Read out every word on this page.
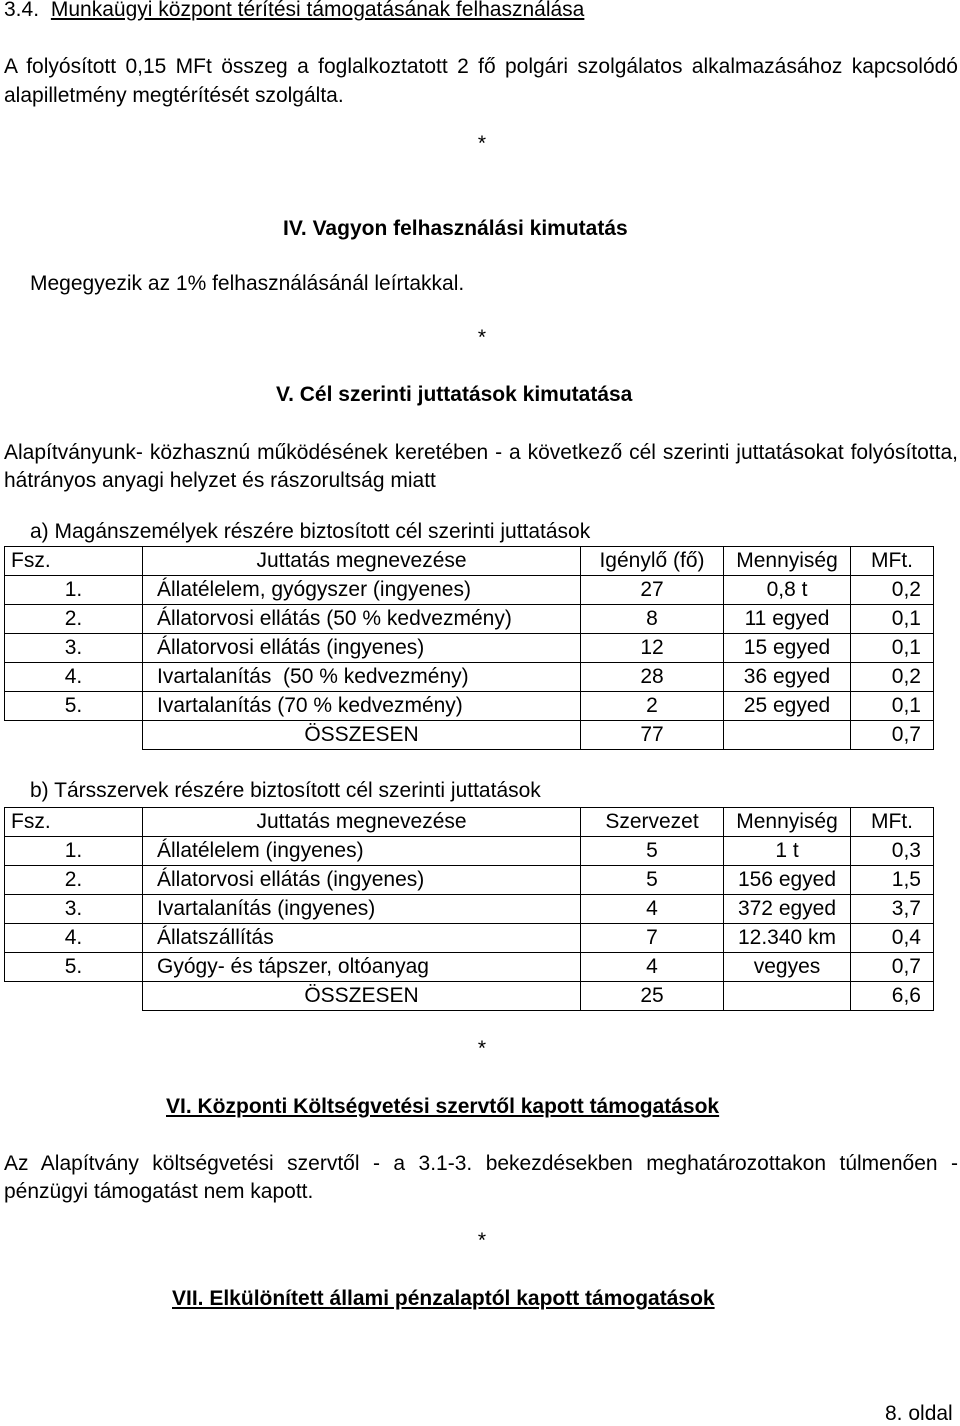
3.4. Munkaügyi központ térítési támogatásának felhasználása
A folyósított 0,15 MFt összeg a foglalkoztatott 2 fő polgári szolgálatos alkalmazásához kapcsolódó alapilletmény megtérítését szolgálta.
*
IV. Vagyon felhasználási kimutatás
Megegyezik az 1% felhasználásánál leírtakkal.
*
V. Cél szerinti juttatások kimutatása
Alapítványunk- közhasznú működésének keretében - a következő cél szerinti juttatásokat folyósította, hátrányos anyagi helyzet és rászorultság miatt
a) Magánszemélyek részére biztosított cél szerinti juttatások
Fsz.	Juttatás megnevezése	Igénylő (fő)	Mennyiség	MFt.
1.	Állatélelem, gyógyszer (ingyenes)	27	0,8 t	0,2
2.	Állatorvosi ellátás (50 % kedvezmény)	8	11 egyed	0,1
3.	Állatorvosi ellátás (ingyenes)	12	15 egyed	0,1
4.	Ivartalanítás  (50 % kedvezmény)	28	36 egyed	0,2
5.	Ivartalanítás (70 % kedvezmény)	2	25 egyed	0,1
	ÖSSZESEN	77		0,7
b) Társszervek részére biztosított cél szerinti juttatások
Fsz.	Juttatás megnevezése	Szervezet	Mennyiség	MFt.
1.	Állatélelem (ingyenes)	5	1 t	0,3
2.	Állatorvosi ellátás (ingyenes)	5	156 egyed	1,5
3.	Ivartalanítás (ingyenes)	4	372 egyed	3,7
4.	Állatszállítás	7	12.340 km	0,4
5.	Gyógy- és tápszer, oltóanyag	4	vegyes	0,7
	ÖSSZESEN	25		6,6
*
VI. Központi Költségvetési szervtől kapott támogatások
Az Alapítvány költségvetési szervtől - a 3.1-3. bekezdésekben meghatározottakon túlmenően - pénzügyi támogatást nem kapott.
*
VII. Elkülönített állami pénzalaptól kapott támogatások
8. oldal
